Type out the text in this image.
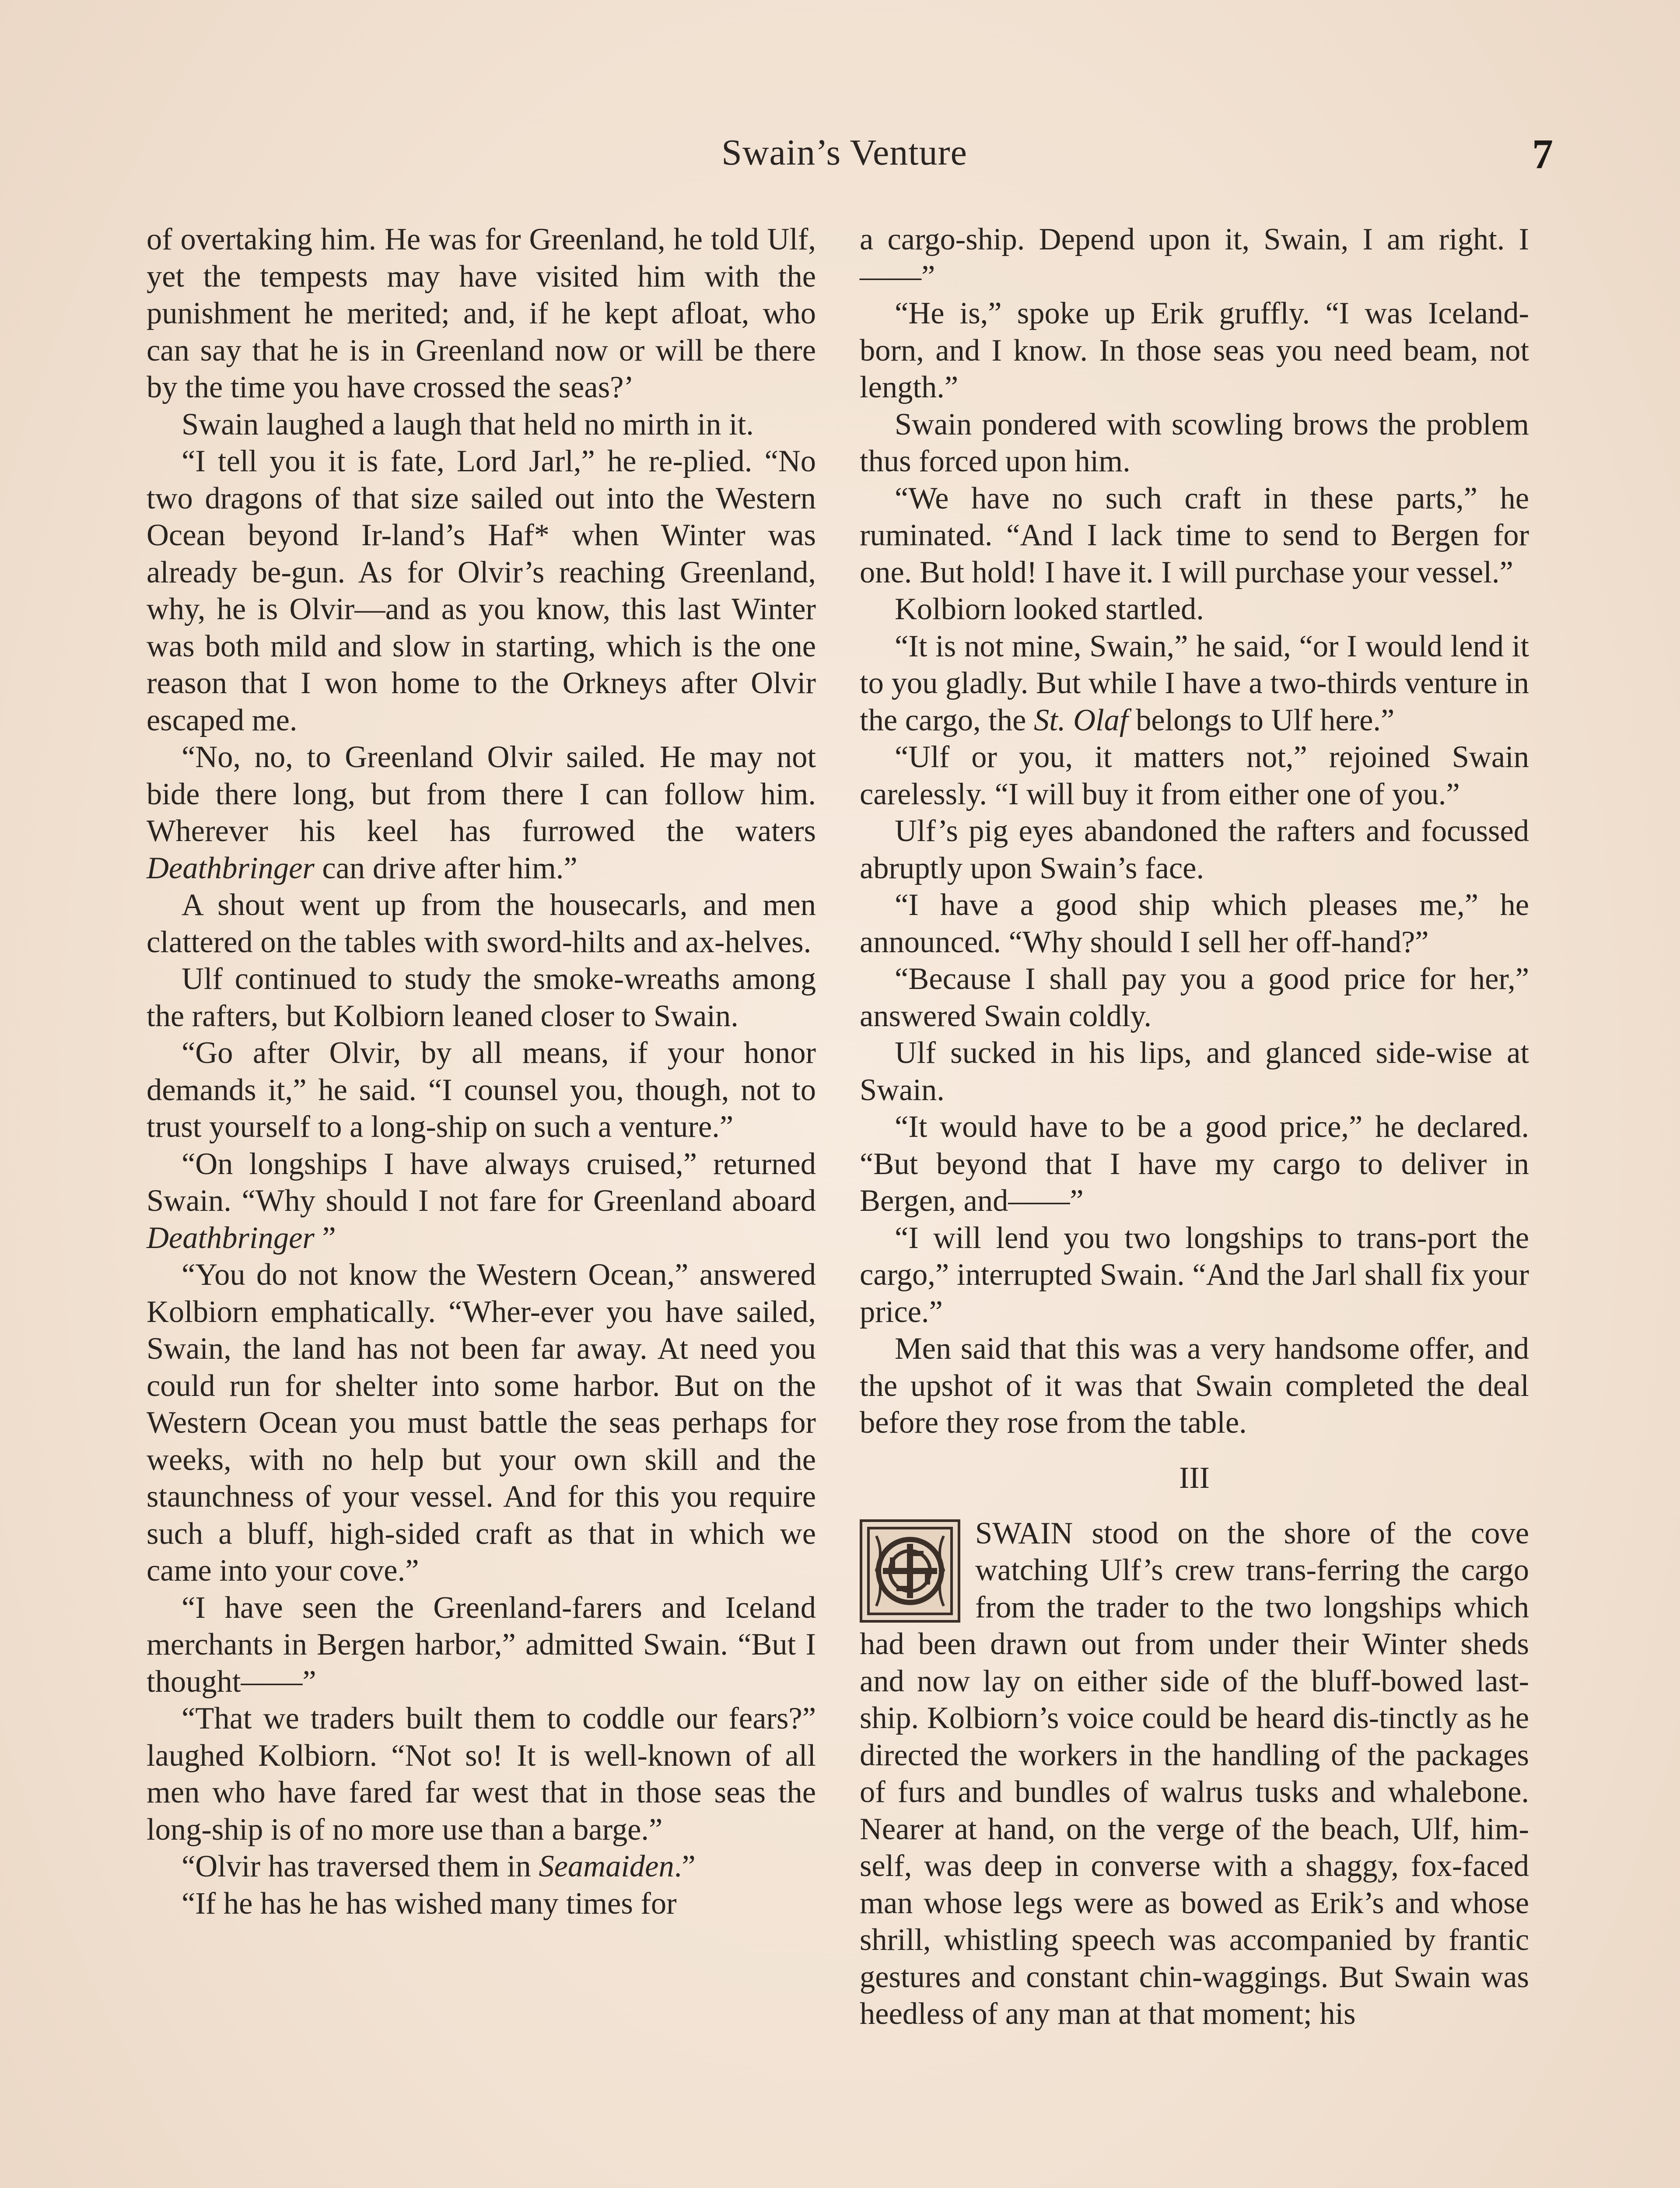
Swain’s Venture	7

of overtaking him. He was for Greenland, he told Ulf, yet the tempests may have visited him with the punishment he merited; and, if he kept afloat, who can say that he is in Greenland now or will be there by the time you have crossed the seas?’

Swain laughed a laugh that held no mirth in it.

“I tell you it is fate, Lord Jarl,” he re-plied. “No two dragons of that size sailed out into the Western Ocean beyond Ir-land’s Haf* when Winter was already be-gun. As for Olvir’s reaching Greenland, why, he is Olvir—and as you know, this last Winter was both mild and slow in starting, which is the one reason that I won home to the Orkneys after Olvir escaped me.

“No, no, to Greenland Olvir sailed. He may not bide there long, but from there I can follow him. Wherever his keel has furrowed the waters Deathbringer can drive after him.”

A shout went up from the housecarls, and men clattered on the tables with sword-hilts and ax-helves.

Ulf continued to study the smoke-wreaths among the rafters, but Kolbiorn leaned closer to Swain.

“Go after Olvir, by all means, if your honor demands it,” he said. “I counsel you, though, not to trust yourself to a long-ship on such a venture.”

“On longships I have always cruised,” returned Swain. “Why should I not fare for Greenland aboard Deathbringer ”

“You do not know the Western Ocean,” answered Kolbiorn emphatically. “Wher-ever you have sailed, Swain, the land has not been far away. At need you could run for shelter into some harbor. But on the Western Ocean you must battle the seas perhaps for weeks, with no help but your own skill and the staunchness of your vessel. And for this you require such a bluff, high-sided craft as that in which we came into your cove.”

“I have seen the Greenland-farers and Iceland merchants in Bergen harbor,” admitted Swain. “But I thought——”

“That we traders built them to coddle our fears?” laughed Kolbiorn. “Not so! It is well-known of all men who have fared far west that in those seas the long-ship is of no more use than a barge.”

“Olvir has traversed them in Seamaiden.”

“If he has he has wished many times for

a cargo-ship. Depend upon it, Swain, I am right. I——”

“He is,” spoke up Erik gruffly. “I was Iceland-born, and I know. In those seas you need beam, not length.”

Swain pondered with scowling brows the problem thus forced upon him.

“We have no such craft in these parts,” he ruminated. “And I lack time to send to Bergen for one. But hold! I have it. I will purchase your vessel.”

Kolbiorn looked startled.

“It is not mine, Swain,” he said, “or I would lend it to you gladly. But while I have a two-thirds venture in the cargo, the St. Olaf belongs to Ulf here.”

“Ulf or you, it matters not,” rejoined Swain carelessly. “I will buy it from either one of you.”

Ulf’s pig eyes abandoned the rafters and focussed abruptly upon Swain’s face.

“I have a good ship which pleases me,” he announced. “Why should I sell her off-hand?”

“Because I shall pay you a good price for her,” answered Swain coldly.

Ulf sucked in his lips, and glanced side-wise at Swain.

“It would have to be a good price,” he declared. “But beyond that I have my cargo to deliver in Bergen, and——”

“I will lend you two longships to trans-port the cargo,” interrupted Swain. “And the Jarl shall fix your price.”

Men said that this was a very handsome offer, and the upshot of it was that Swain completed the deal before they rose from the table.

III

SWAIN stood on the shore of the cove watching Ulf’s crew trans-ferring the cargo from the trader to the two longships which had been drawn out from under their Winter sheds and now lay on either side of the bluff-bowed last-ship. Kolbiorn’s voice could be heard dis-tinctly as he directed the workers in the handling of the packages of furs and bundles of walrus tusks and whalebone. Nearer at hand, on the verge of the beach, Ulf, him-self, was deep in converse with a shaggy, fox-faced man whose legs were as bowed as Erik’s and whose shrill, whistling speech was accompanied by frantic gestures and constant chin-waggings. But Swain was heedless of any man at that moment; his
